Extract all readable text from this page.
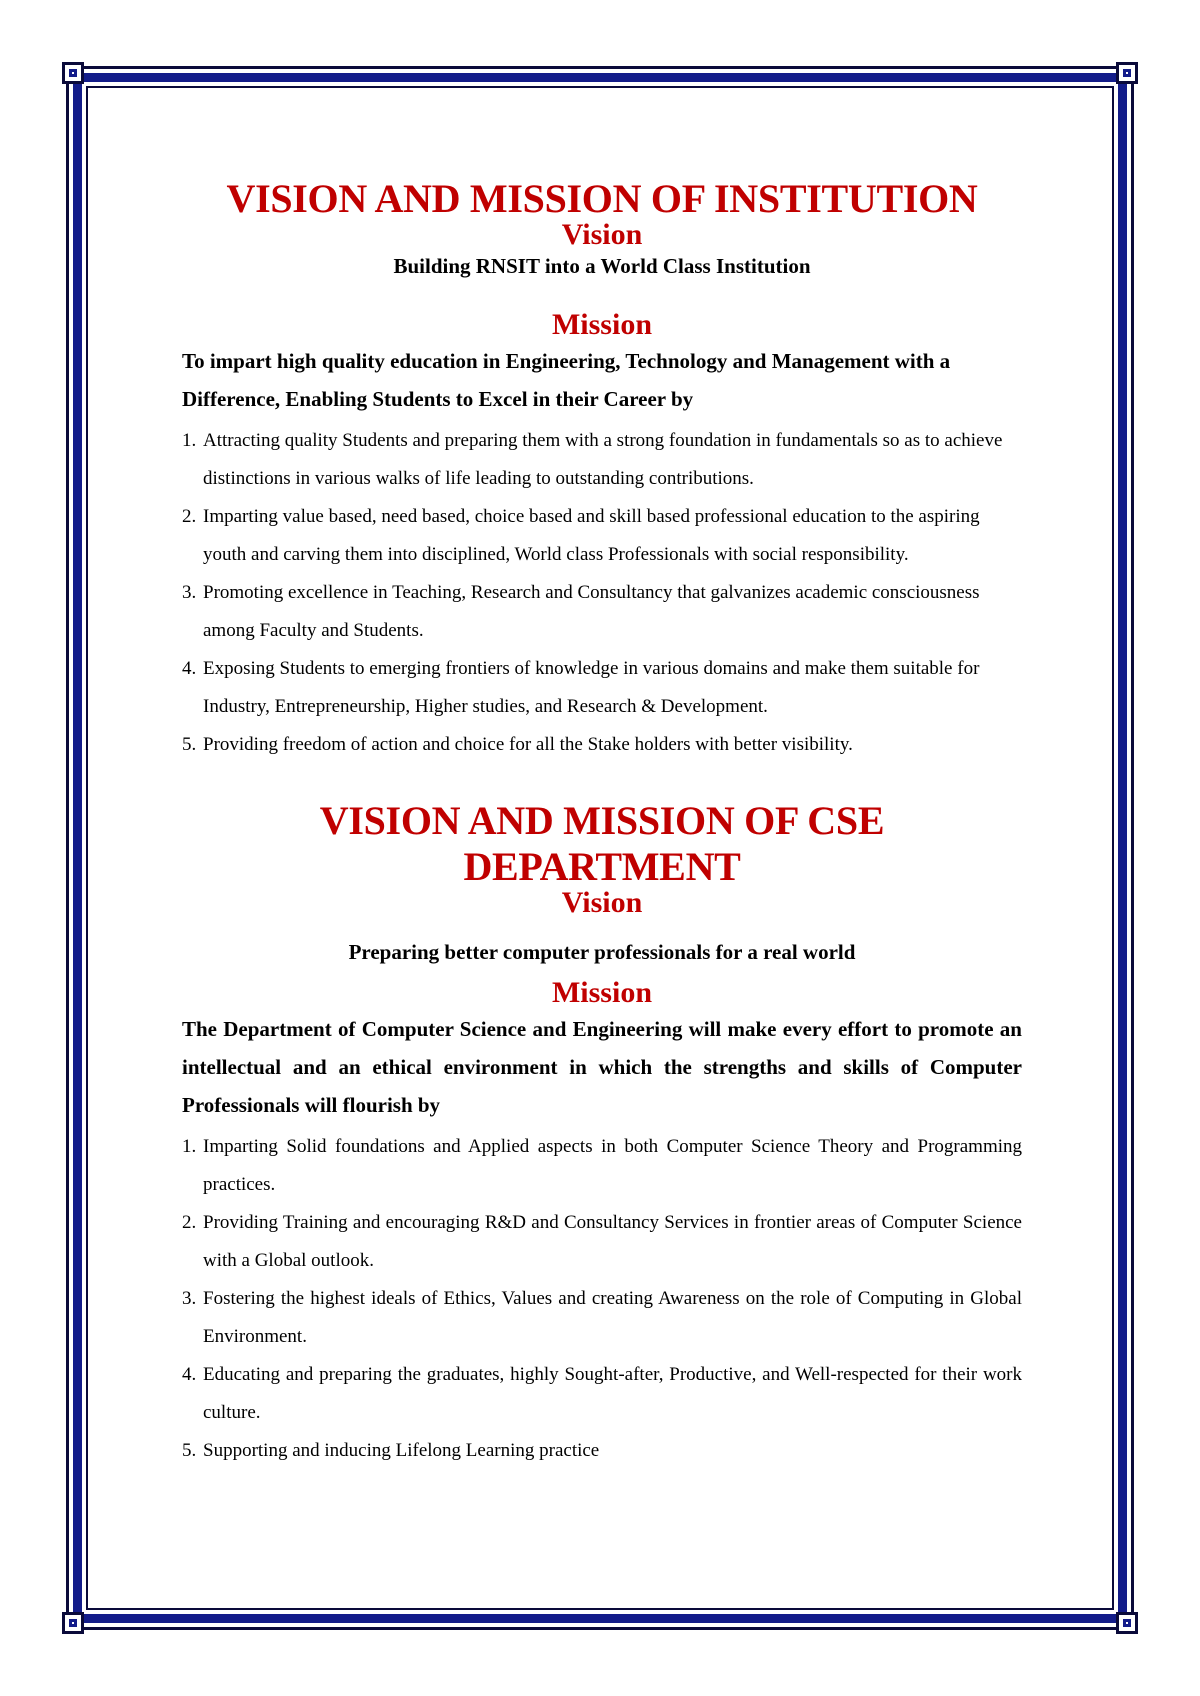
VISION AND MISSION OF INSTITUTION
Vision

Building RNSIT into a World Class Institution

Mission

To impart high quality education in Engineering, Technology and Management with a Difference, Enabling Students to Excel in their Career by

1. Attracting quality Students and preparing them with a strong foundation in fundamentals so as to achieve distinctions in various walks of life leading to outstanding contributions.
2. Imparting value based, need based, choice based and skill based professional education to the aspiring youth and carving them into disciplined, World class Professionals with social responsibility.
3. Promoting excellence in Teaching, Research and Consultancy that galvanizes academic consciousness among Faculty and Students.
4. Exposing Students to emerging frontiers of knowledge in various domains and make them suitable for Industry, Entrepreneurship, Higher studies, and Research & Development.
5. Providing freedom of action and choice for all the Stake holders with better visibility.
VISION AND MISSION OF CSE DEPARTMENT
Vision

Preparing better computer professionals for a real world

Mission

The Department of Computer Science and Engineering will make every effort to promote an intellectual and an ethical environment in which the strengths and skills of Computer Professionals will flourish by

1. Imparting Solid foundations and Applied aspects in both Computer Science Theory and Programming practices.
2. Providing Training and encouraging R&D and Consultancy Services in frontier areas of Computer Science with a Global outlook.
3. Fostering the highest ideals of Ethics, Values and creating Awareness on the role of Computing in Global Environment.
4. Educating and preparing the graduates, highly Sought-after, Productive, and Well-respected for their work culture.
5. Supporting and inducing Lifelong Learning practice
